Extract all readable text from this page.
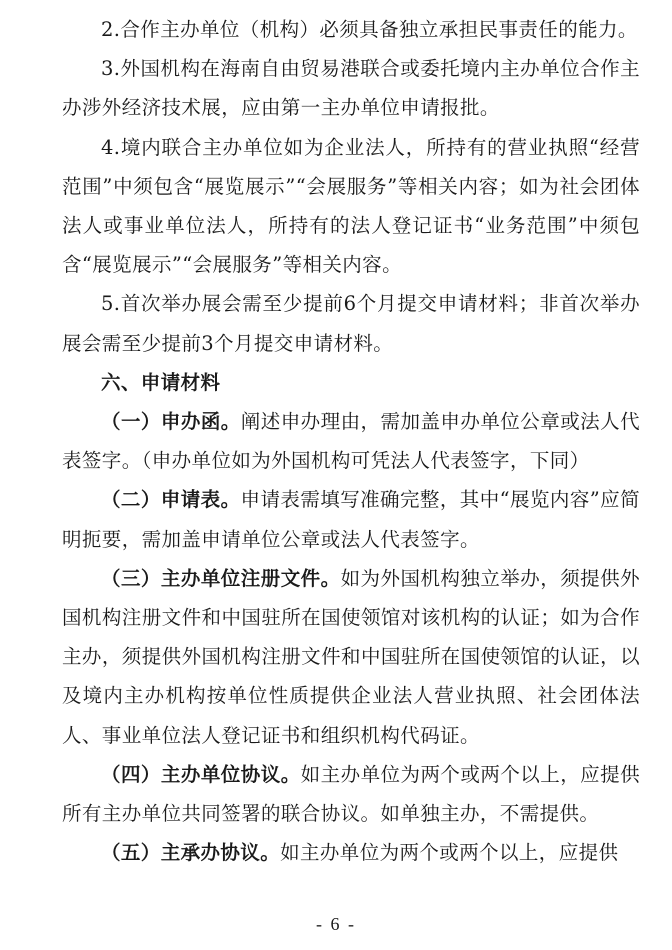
2.合作主办单位（机构）必须具备独立承担民事责任的能力。

3.外国机构在海南自由贸易港联合或委托境内主办单位合作主办涉外经济技术展，应由第一主办单位申请报批。

4.境内联合主办单位如为企业法人，所持有的营业执照“经营范围”中须包含“展览展示”“会展服务”等相关内容；如为社会团体法人或事业单位法人，所持有的法人登记证书“业务范围”中须包含“展览展示”“会展服务”等相关内容。

5.首次举办展会需至少提前6个月提交申请材料；非首次举办展会需至少提前3个月提交申请材料。

六、申请材料

（一）申办函。阐述申办理由，需加盖申办单位公章或法人代表签字。（申办单位如为外国机构可凭法人代表签字，下同）

（二）申请表。申请表需填写准确完整，其中“展览内容”应简明扼要，需加盖申请单位公章或法人代表签字。

（三）主办单位注册文件。如为外国机构独立举办，须提供外国机构注册文件和中国驻所在国使领馆对该机构的认证；如为合作主办，须提供外国机构注册文件和中国驻所在国使领馆的认证，以及境内主办机构按单位性质提供企业法人营业执照、社会团体法人、事业单位法人登记证书和组织机构代码证。

（四）主办单位协议。如主办单位为两个或两个以上，应提供所有主办单位共同签署的联合协议。如单独主办，不需提供。

（五）主承办协议。如主办单位为两个或两个以上，应提供

- 6 -
